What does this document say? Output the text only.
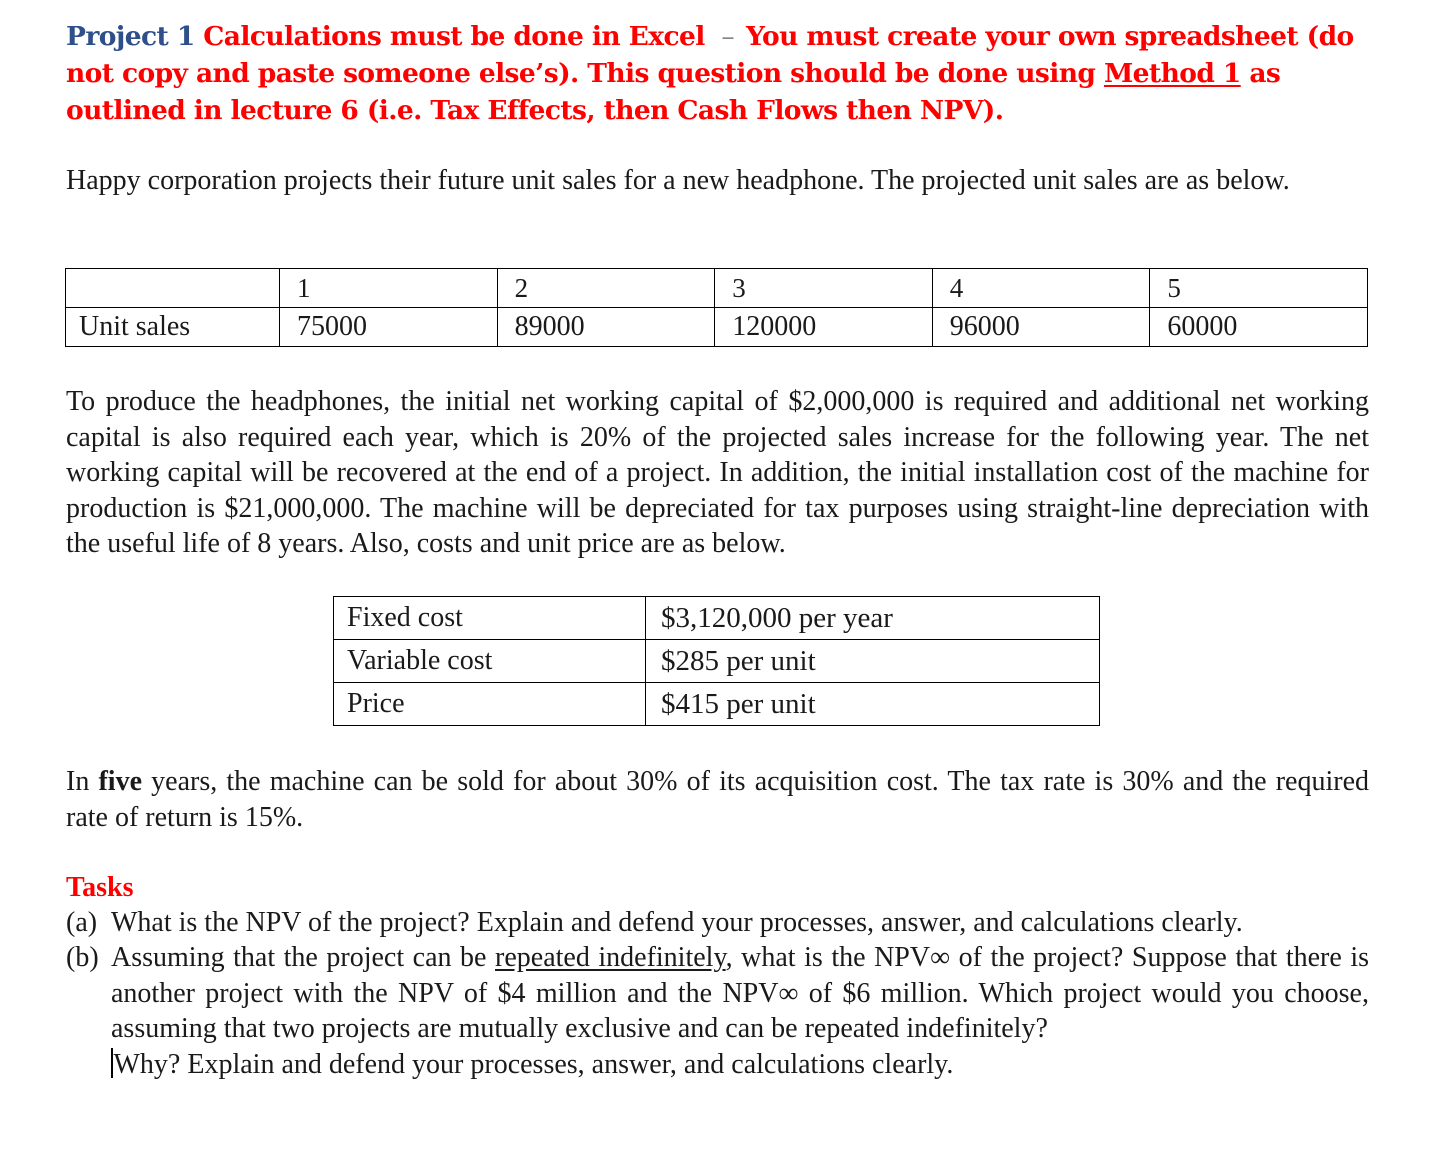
Project 1 Calculations must be done in Excel – You must create your own spreadsheet (do not copy and paste someone else’s). This question should be done using Method 1 as outlined in lecture 6 (i.e. Tax Effects, then Cash Flows then NPV).
Happy corporation projects their future unit sales for a new headphone. The projected unit sales are as below.
	1	2	3	4	5
Unit sales	75000	89000	120000	96000	60000
To produce the headphones, the initial net working capital of $2,000,000 is required and additional net working capital is also required each year, which is 20% of the projected sales increase for the following year. The net working capital will be recovered at the end of a project. In addition, the initial installation cost of the machine for production is $21,000,000. The machine will be depreciated for tax purposes using straight-line depreciation with the useful life of 8 years. Also, costs and unit price are as below.
Fixed cost	$3,120,000 per year
Variable cost	$285 per unit
Price	$415 per unit
In five years, the machine can be sold for about 30% of its acquisition cost. The tax rate is 30% and the required rate of return is 15%.
Tasks
(a) What is the NPV of the project? Explain and defend your processes, answer, and calculations clearly.
(b) Assuming that the project can be repeated indefinitely, what is the NPV∞ of the project? Suppose that there is another project with the NPV of $4 million and the NPV∞ of $6 million. Which project would you choose, assuming that two projects are mutually exclusive and can be repeated indefinitely?
Why? Explain and defend your processes, answer, and calculations clearly.
